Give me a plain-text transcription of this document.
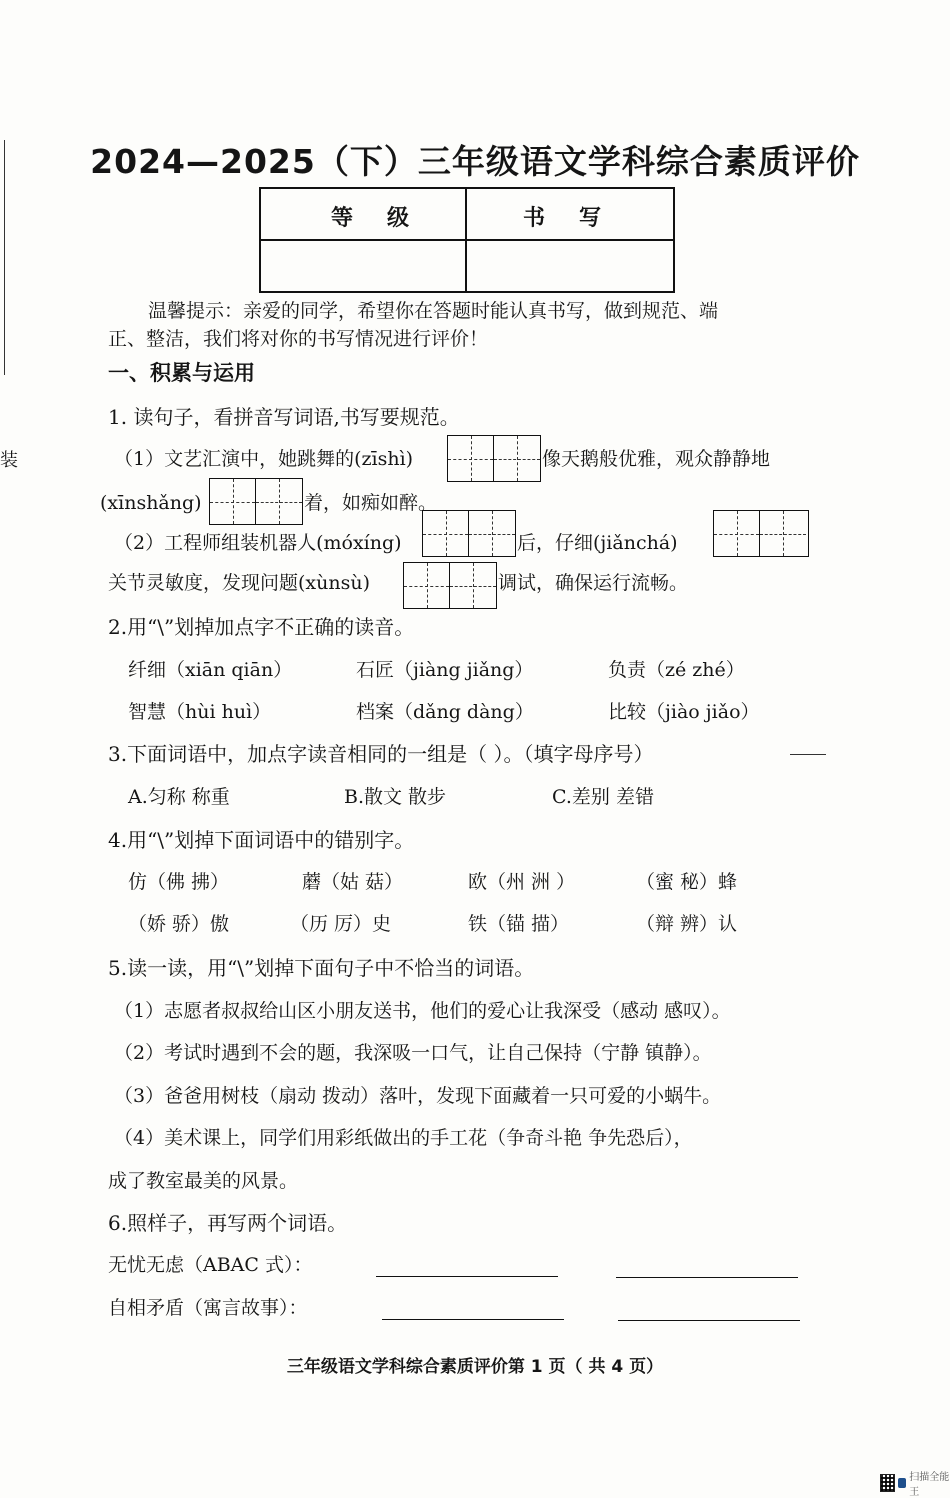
装
2024—2025（下）三年级语文学科综合素质评价
等级	书写
温馨提示：亲爱的同学，希望你在答题时能认真书写，做到规范、端
正、整洁，我们将对你的书写情况进行评价！
一、积累与运用
1. 读句子，看拼音写词语,书写要规范。
（1）文艺汇演中，她跳舞的(zīshì)	像天鹅般优雅，观众静静地
(xīnshǎng)	着，如痴如醉。
（2）工程师组装机器人(móxíng)	后，仔细(jiǎnchá)
关节灵敏度，发现问题(xùnsù)	调试，确保运行流畅。
2.用“\”划掉加点字不正确的读音。
纤细（xiān qiān）	石匠（jiàng jiǎng）	负责（zé zhé）
智慧（hùi huì）	档案（dǎng dàng）	比较（jiào jiǎo）
3.下面词语中，加点字读音相同的一组是（ ）。（填字母序号）
A.匀称 称重	B.散文 散步	C.差别 差错
4.用“\”划掉下面词语中的错别字。
仿（佛 拂）	蘑（姑 菇）	欧（州 洲 ）	（蜜 秘）蜂
（娇 骄）傲	（历 厉）史	铁（锚 描）	（辩 辨）认
5.读一读，用“\”划掉下面句子中不恰当的词语。
（1）志愿者叔叔给山区小朋友送书，他们的爱心让我深受（感动 感叹）。
（2）考试时遇到不会的题，我深吸一口气，让自己保持（宁静 镇静）。
（3）爸爸用树枝（扇动 拨动）落叶，发现下面藏着一只可爱的小蜗牛。
（4）美术课上，同学们用彩纸做出的手工花（争奇斗艳 争先恐后），
成了教室最美的风景。
6.照样子，再写两个词语。
无忧无虑（ABAC 式）：
自相矛盾（寓言故事）：
三年级语文学科综合素质评价第 1 页（ 共 4 页）
扫描全能王
